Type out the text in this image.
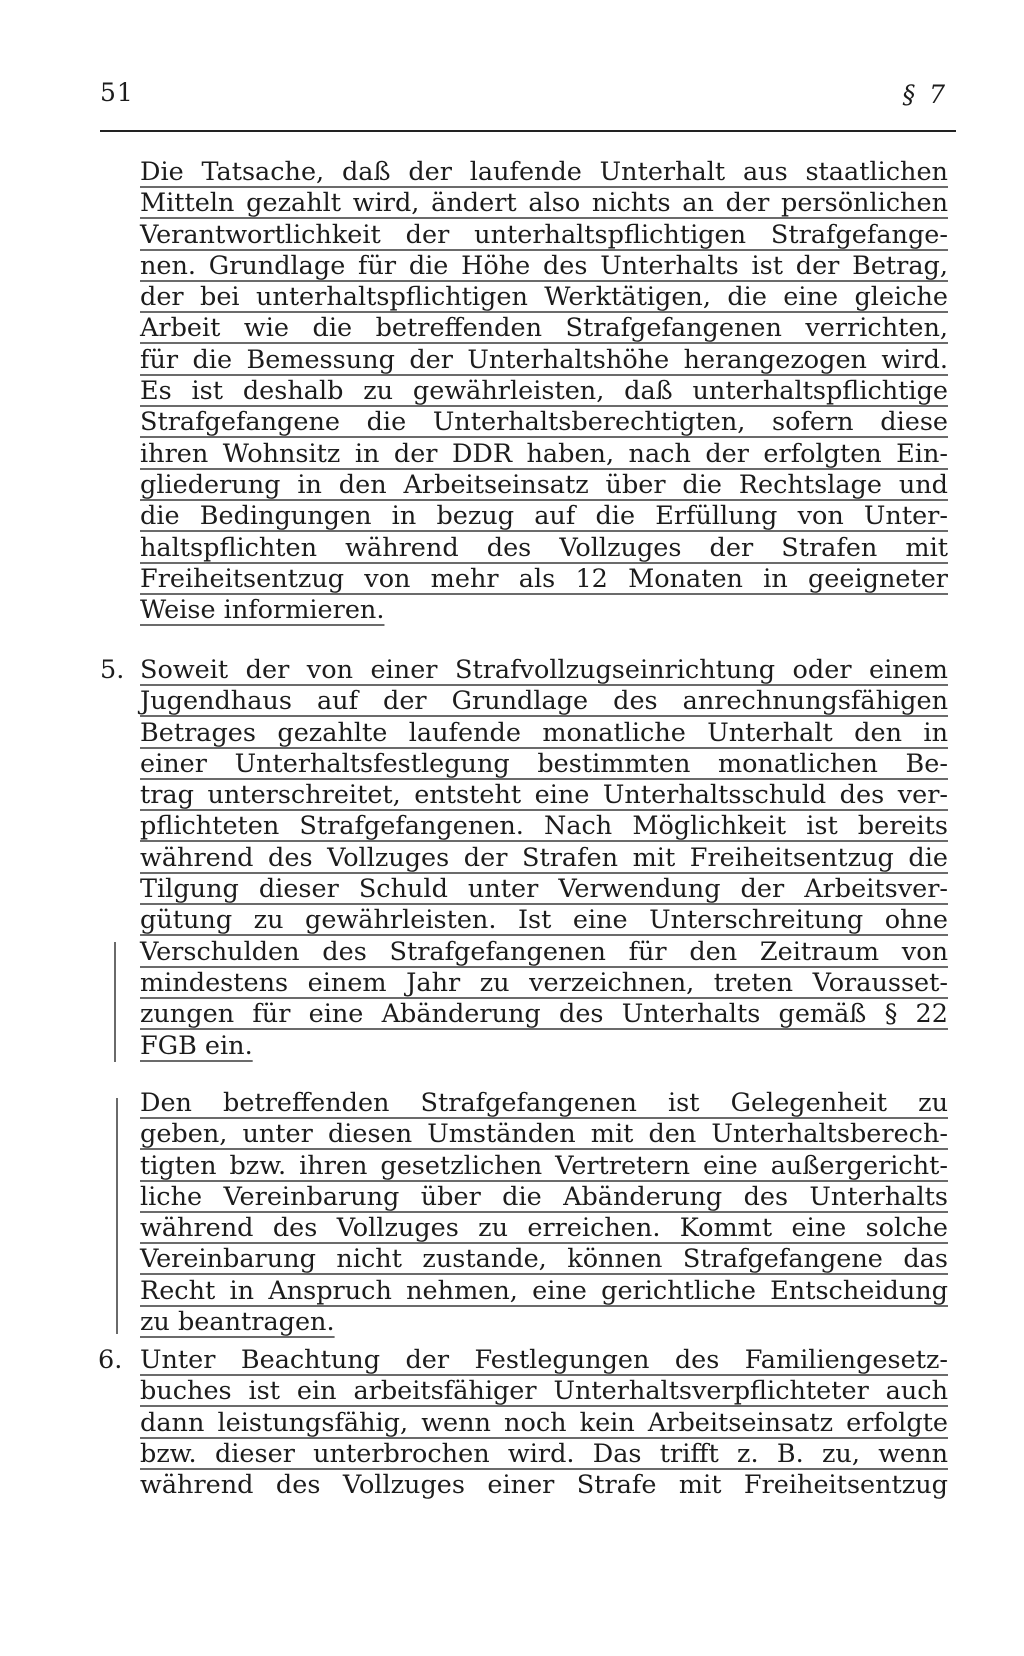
51	§ 7
Die Tatsache, daß der laufende Unterhalt aus staatlichen
Mitteln gezahlt wird, ändert also nichts an der persönlichen
Verantwortlichkeit der unterhaltspflichtigen Strafgefange-
nen. Grundlage für die Höhe des Unterhalts ist der Betrag,
der bei unterhaltspflichtigen Werktätigen, die eine gleiche
Arbeit wie die betreffenden Strafgefangenen verrichten,
für die Bemessung der Unterhaltshöhe herangezogen wird.
Es ist deshalb zu gewährleisten, daß unterhaltspflichtige
Strafgefangene die Unterhaltsberechtigten, sofern diese
ihren Wohnsitz in der DDR haben, nach der erfolgten Ein-
gliederung in den Arbeitseinsatz über die Rechtslage und
die Bedingungen in bezug auf die Erfüllung von Unter-
haltspflichten während des Vollzuges der Strafen mit
Freiheitsentzug von mehr als 12 Monaten in geeigneter
Weise informieren.
5. Soweit der von einer Strafvollzugseinrichtung oder einem
Jugendhaus auf der Grundlage des anrechnungsfähigen
Betrages gezahlte laufende monatliche Unterhalt den in
einer Unterhaltsfestlegung bestimmten monatlichen Be-
trag unterschreitet, entsteht eine Unterhaltsschuld des ver-
pflichteten Strafgefangenen. Nach Möglichkeit ist bereits
während des Vollzuges der Strafen mit Freiheitsentzug die
Tilgung dieser Schuld unter Verwendung der Arbeitsver-
gütung zu gewährleisten. Ist eine Unterschreitung ohne
Verschulden des Strafgefangenen für den Zeitraum von
mindestens einem Jahr zu verzeichnen, treten Vorausset-
zungen für eine Abänderung des Unterhalts gemäß § 22
FGB ein.
Den betreffenden Strafgefangenen ist Gelegenheit zu
geben, unter diesen Umständen mit den Unterhaltsberech-
tigten bzw. ihren gesetzlichen Vertretern eine außergericht-
liche Vereinbarung über die Abänderung des Unterhalts
während des Vollzuges zu erreichen. Kommt eine solche
Vereinbarung nicht zustande, können Strafgefangene das
Recht in Anspruch nehmen, eine gerichtliche Entscheidung
zu beantragen.
6. Unter Beachtung der Festlegungen des Familiengesetz-
buches ist ein arbeitsfähiger Unterhaltsverpflichteter auch
dann leistungsfähig, wenn noch kein Arbeitseinsatz erfolgte
bzw. dieser unterbrochen wird. Das trifft z. B. zu, wenn
während des Vollzuges einer Strafe mit Freiheitsentzug
